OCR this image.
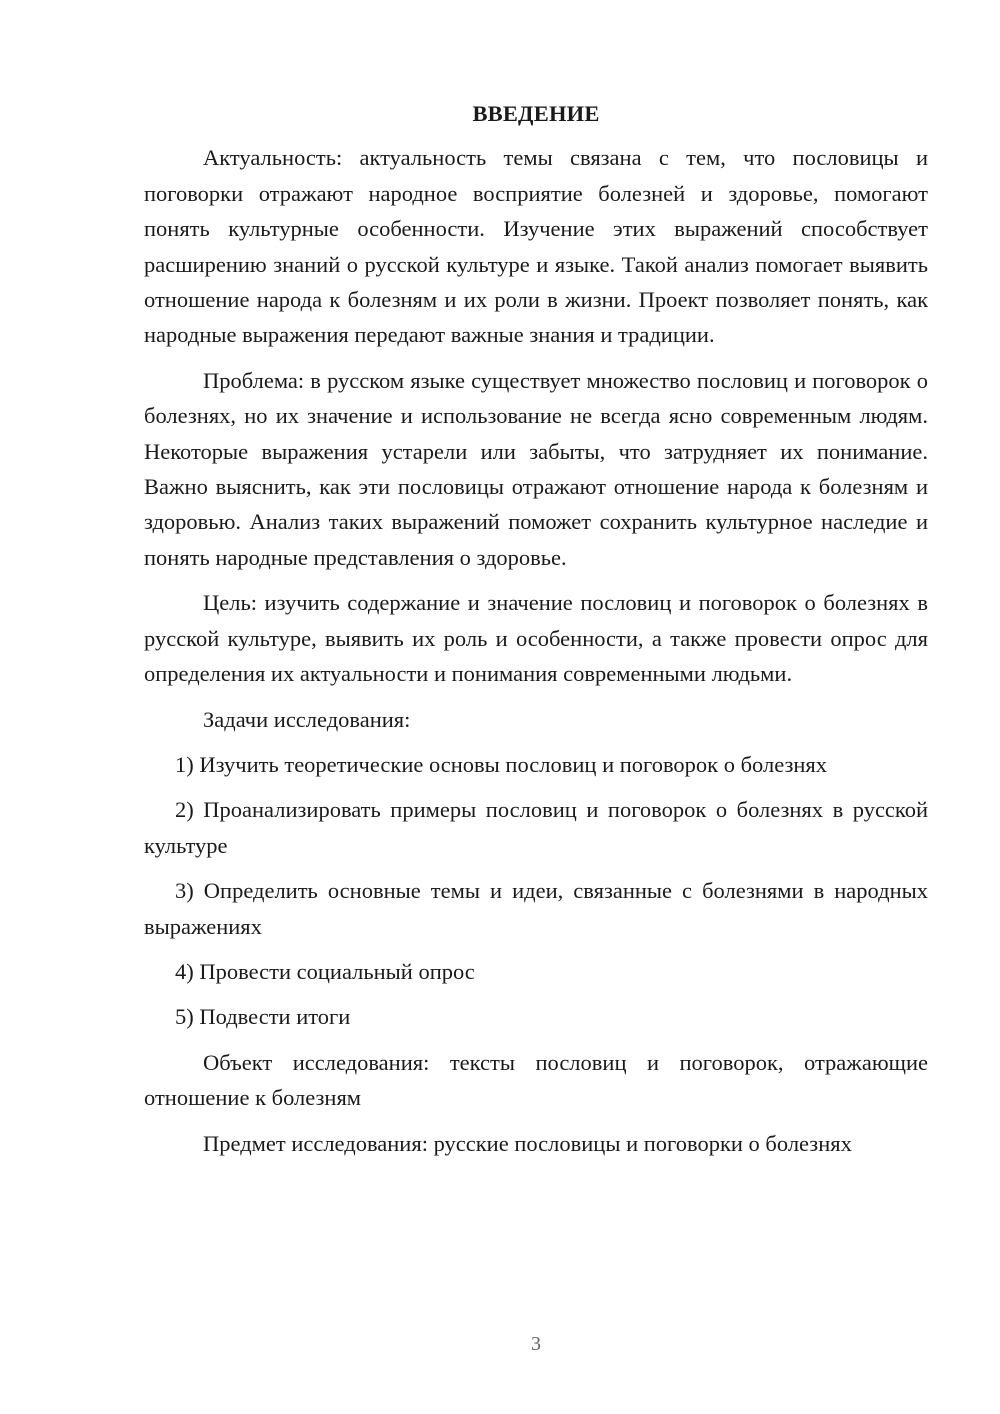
ВВЕДЕНИЕ

Актуальность: актуальность темы связана с тем, что пословицы и поговорки отражают народное восприятие болезней и здоровье, помогают понять культурные особенности. Изучение этих выражений способствует расширению знаний о русской культуре и языке. Такой анализ помогает выявить отношение народа к болезням и их роли в жизни. Проект позволяет понять, как народные выражения передают важные знания и традиции.

Проблема: в русском языке существует множество пословиц и поговорок о болезнях, но их значение и использование не всегда ясно современным людям. Некоторые выражения устарели или забыты, что затрудняет их понимание. Важно выяснить, как эти пословицы отражают отношение народа к болезням и здоровью. Анализ таких выражений поможет сохранить культурное наследие и понять народные представления о здоровье.

Цель: изучить содержание и значение пословиц и поговорок о болезнях в русской культуре, выявить их роль и особенности, а также провести опрос для определения их актуальности и понимания современными людьми.

Задачи исследования:

1) Изучить теоретические основы пословиц и поговорок о болезнях

2) Проанализировать примеры пословиц и поговорок о болезнях в русской культуре

3) Определить основные темы и идеи, связанные с болезнями в народных выражениях

4) Провести социальный опрос

5) Подвести итоги

Объект исследования: тексты пословиц и поговорок, отражающие отношение к болезням

Предмет исследования: русские пословицы и поговорки о болезнях

3
